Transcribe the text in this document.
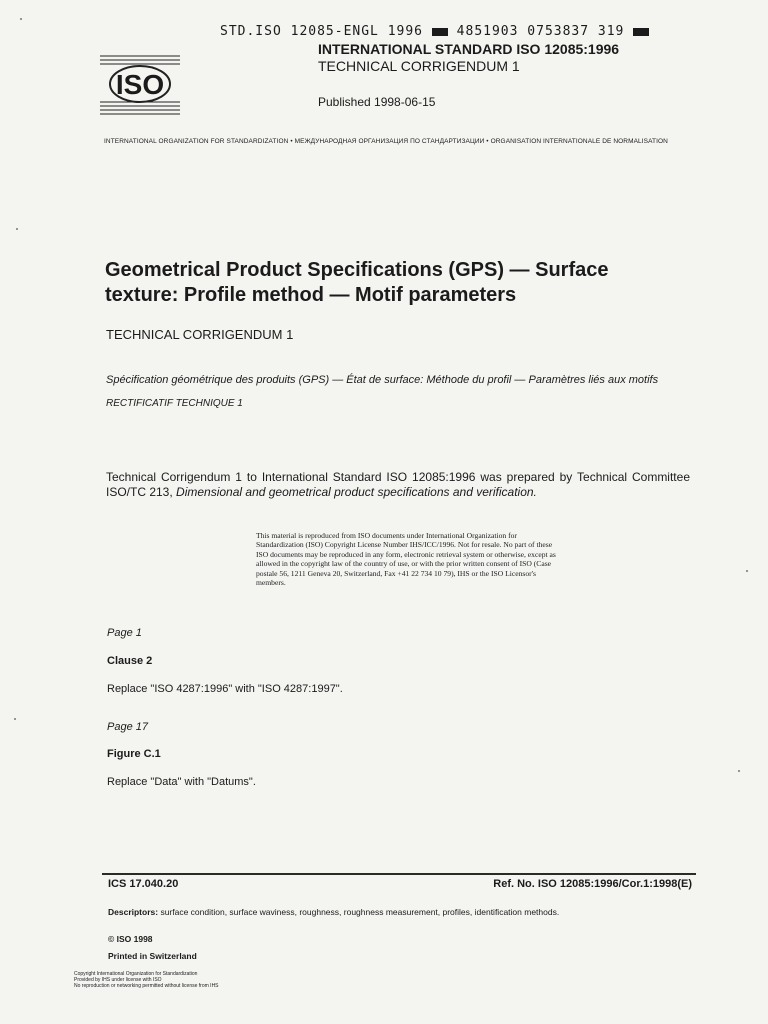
STD.ISO 12085-ENGL 1996	4851903 0753837 319
ISO
INTERNATIONAL STANDARD ISO 12085:1996
TECHNICAL CORRIGENDUM 1
Published 1998-06-15
INTERNATIONAL ORGANIZATION FOR STANDARDIZATION • МЕЖДУНАРОДНАЯ ОРГАНИЗАЦИЯ ПО СТАНДАРТИЗАЦИИ • ORGANISATION INTERNATIONALE DE NORMALISATION
Geometrical Product Specifications (GPS) — Surface texture: Profile method — Motif parameters
TECHNICAL CORRIGENDUM 1
Spécification géométrique des produits (GPS) — État de surface: Méthode du profil — Paramètres liés aux motifs
RECTIFICATIF TECHNIQUE 1
Technical Corrigendum 1 to International Standard ISO 12085:1996 was prepared by Technical Committee ISO/TC 213, Dimensional and geometrical product specifications and verification.
This material is reproduced from ISO documents under International Organization for Standardization (ISO) Copyright License Number IHS/ICC/1996. Not for resale. No part of these ISO documents may be reproduced in any form, electronic retrieval system or otherwise, except as allowed in the copyright law of the country of use, or with the prior written consent of ISO (Case postale 56, 1211 Geneva 20, Switzerland, Fax +41 22 734 10 79), IHS or the ISO Licensor's members.
Page 1
Clause 2
Replace "ISO 4287:1996" with "ISO 4287:1997".
Page 17
Figure C.1
Replace "Data" with "Datums".
ICS 17.040.20	Ref. No. ISO 12085:1996/Cor.1:1998(E)
Descriptors: surface condition, surface waviness, roughness, roughness measurement, profiles, identification methods.
© ISO 1998
Printed in Switzerland
Copyright International Organization for Standardization
Provided by IHS under license with ISO
No reproduction or networking permitted without license from IHS
